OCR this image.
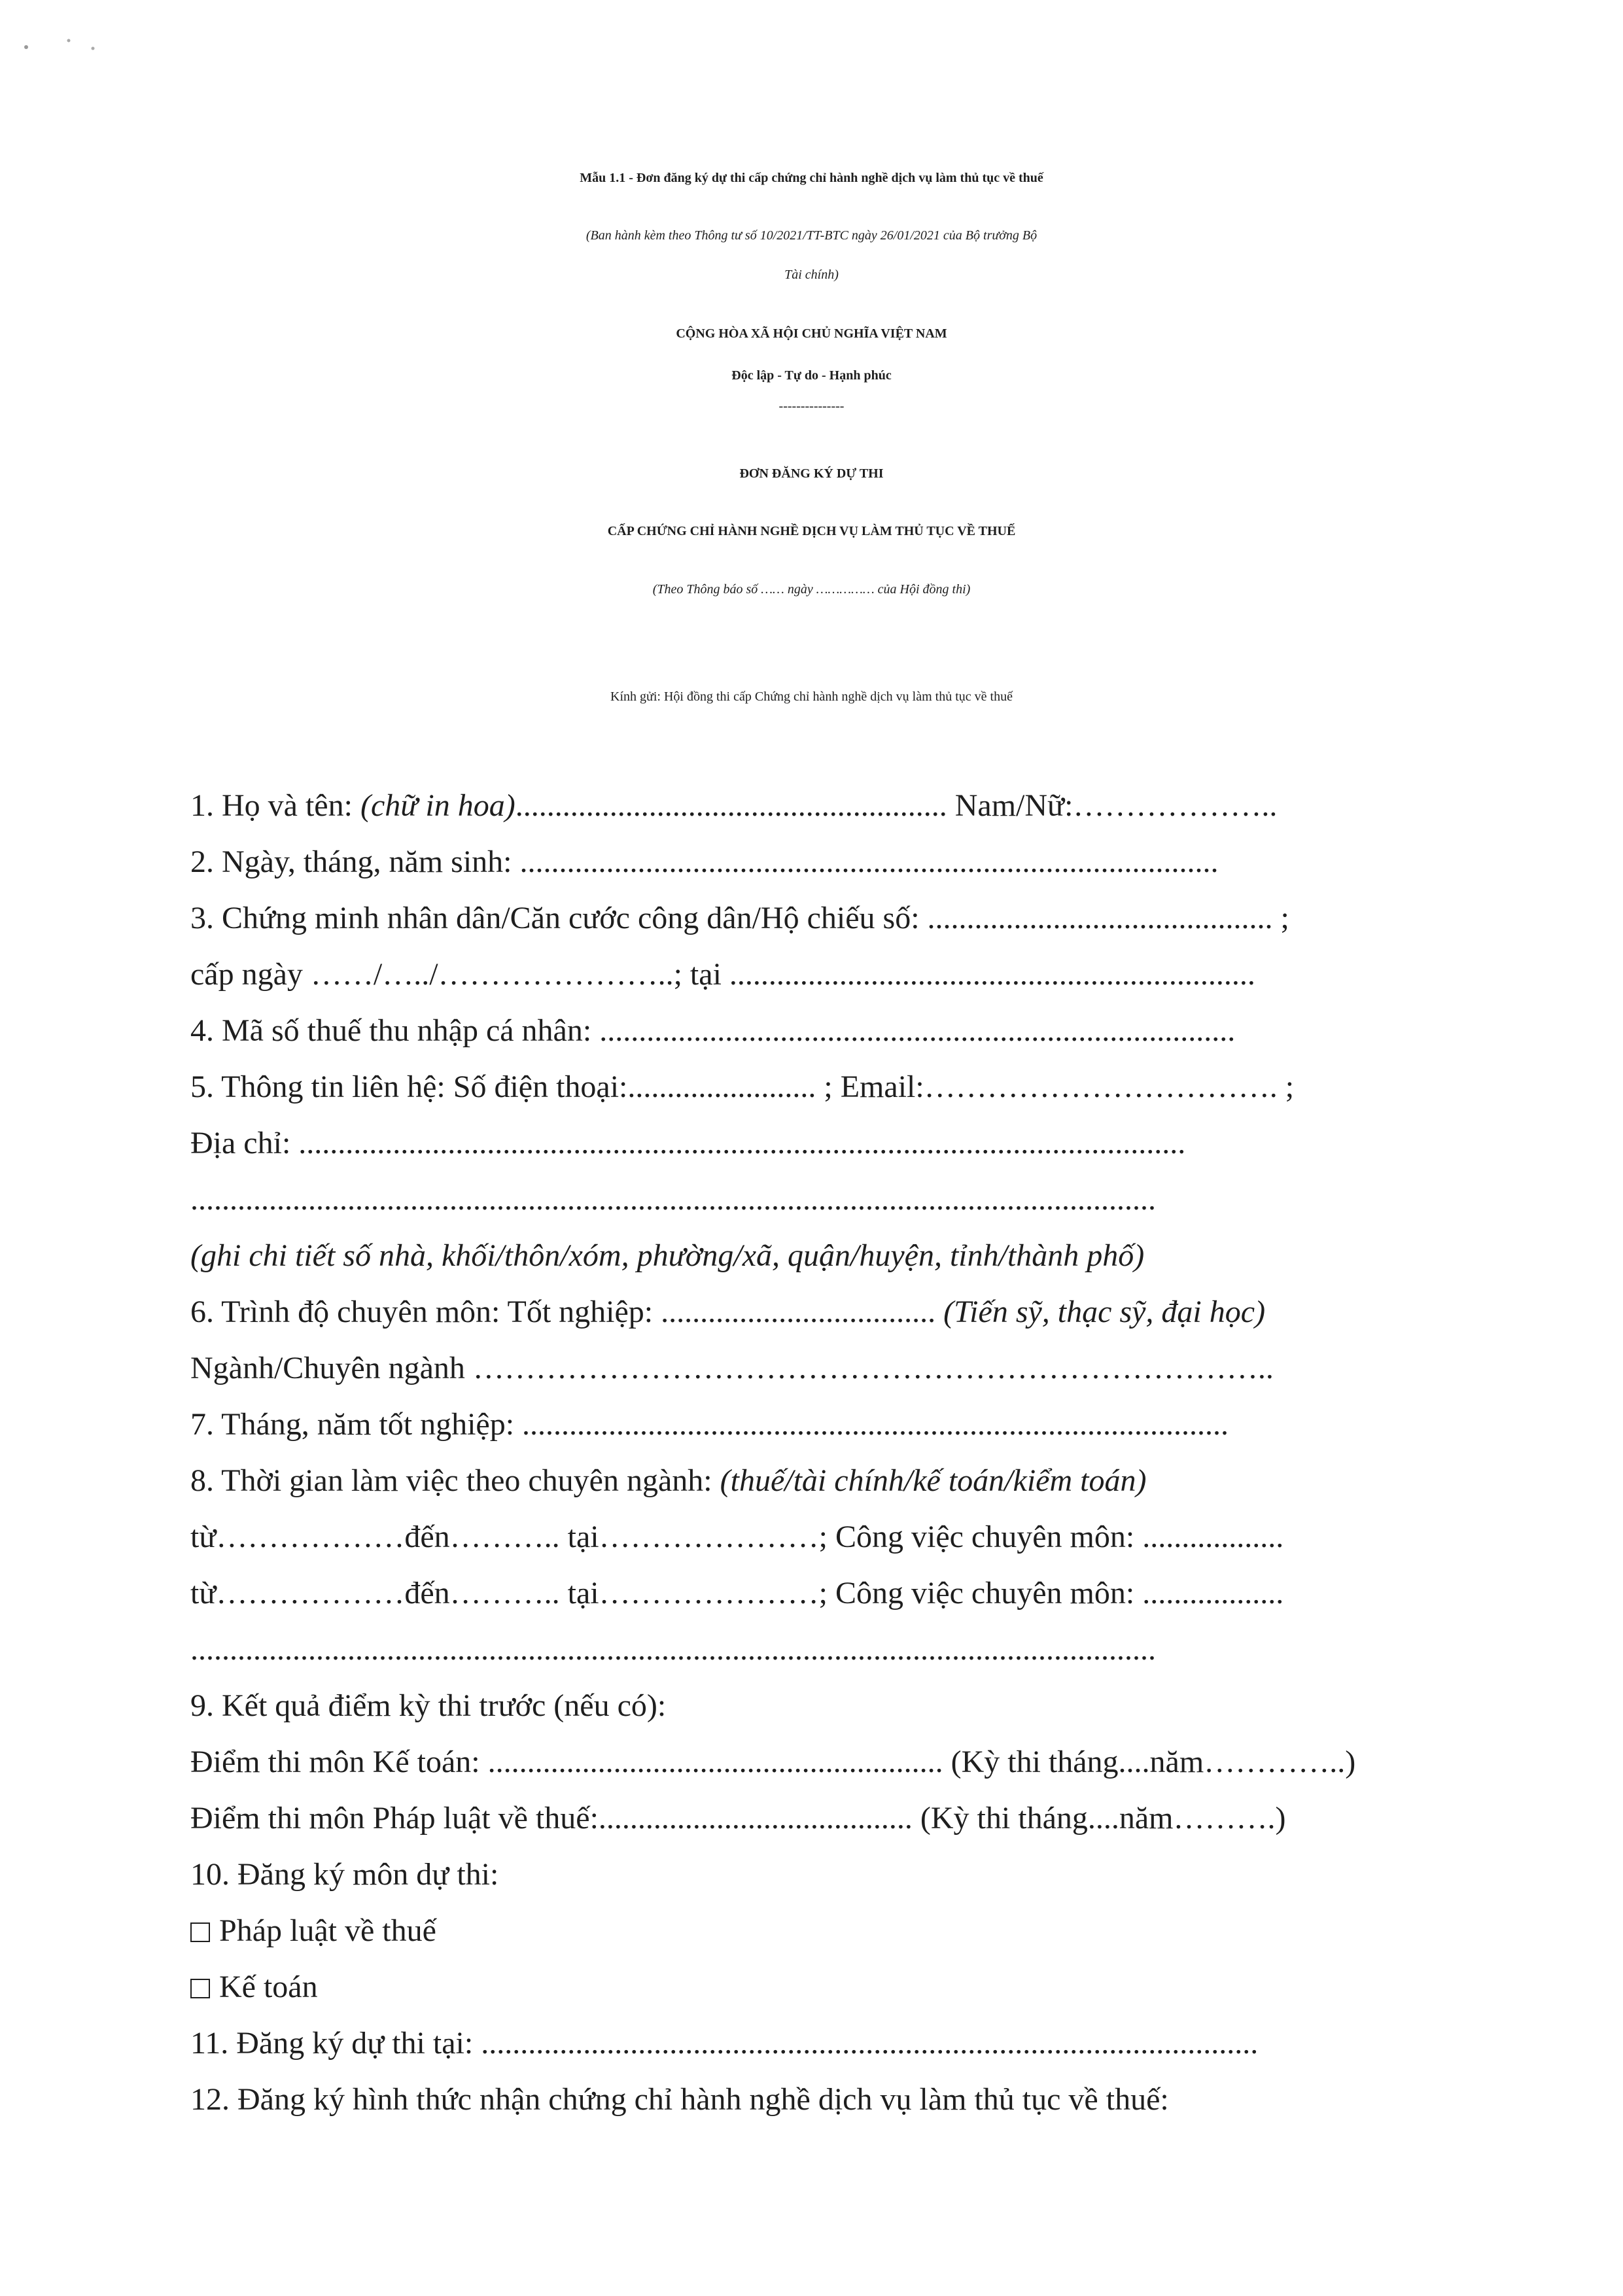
Mẫu 1.1 - Đơn đăng ký dự thi cấp chứng chỉ hành nghề dịch vụ làm thủ tục về thuế
(Ban hành kèm theo Thông tư số 10/2021/TT-BTC ngày 26/01/2021 của Bộ trưởng Bộ
Tài chính)
CỘNG HÒA XÃ HỘI CHỦ NGHĨA VIỆT NAM
Độc lập - Tự do - Hạnh phúc
---------------
ĐƠN ĐĂNG KÝ DỰ THI
CẤP CHỨNG CHỈ HÀNH NGHỀ DỊCH VỤ LÀM THỦ TỤC VỀ THUẾ
(Theo Thông báo số …… ngày …………… của Hội đồng thi)
Kính gửi: Hội đồng thi cấp Chứng chỉ hành nghề dịch vụ làm thủ tục về thuế
1. Họ và tên: (chữ in hoa)....................................................... Nam/Nữ:………………..
2. Ngày, tháng, năm sinh: .........................................................................................
3. Chứng minh nhân dân/Căn cước công dân/Hộ chiếu số: ............................................ ;
cấp ngày ……/…../…………………..; tại ...................................................................
4. Mã số thuế thu nhập cá nhân: .................................................................................
5. Thông tin liên hệ: Số điện thoại:........................ ; Email:……………………………. ;
Địa chỉ: .................................................................................................................
...........................................................................................................................
(ghi chi tiết số nhà, khối/thôn/xóm, phường/xã, quận/huyện, tỉnh/thành phố)
6. Trình độ chuyên môn: Tốt nghiệp: ................................... (Tiến sỹ, thạc sỹ, đại học)
Ngành/Chuyên ngành …………………………………………………………………..
7. Tháng, năm tốt nghiệp: ..........................................................................................
8. Thời gian làm việc theo chuyên ngành: (thuế/tài chính/kế toán/kiểm toán)
từ………………đến……….. tại…………………; Công việc chuyên môn: ..................
từ………………đến……….. tại…………………; Công việc chuyên môn: ..................
...........................................................................................................................
9. Kết quả điểm kỳ thi trước (nếu có):
Điểm thi môn Kế toán: .......................................................... (Kỳ thi tháng....năm…………..)
Điểm thi môn Pháp luật về thuế:........................................ (Kỳ thi tháng....năm……….)
10. Đăng ký môn dự thi:
Pháp luật về thuế
Kế toán
11. Đăng ký dự thi tại: ...................................................................................................
12. Đăng ký hình thức nhận chứng chỉ hành nghề dịch vụ làm thủ tục về thuế:
